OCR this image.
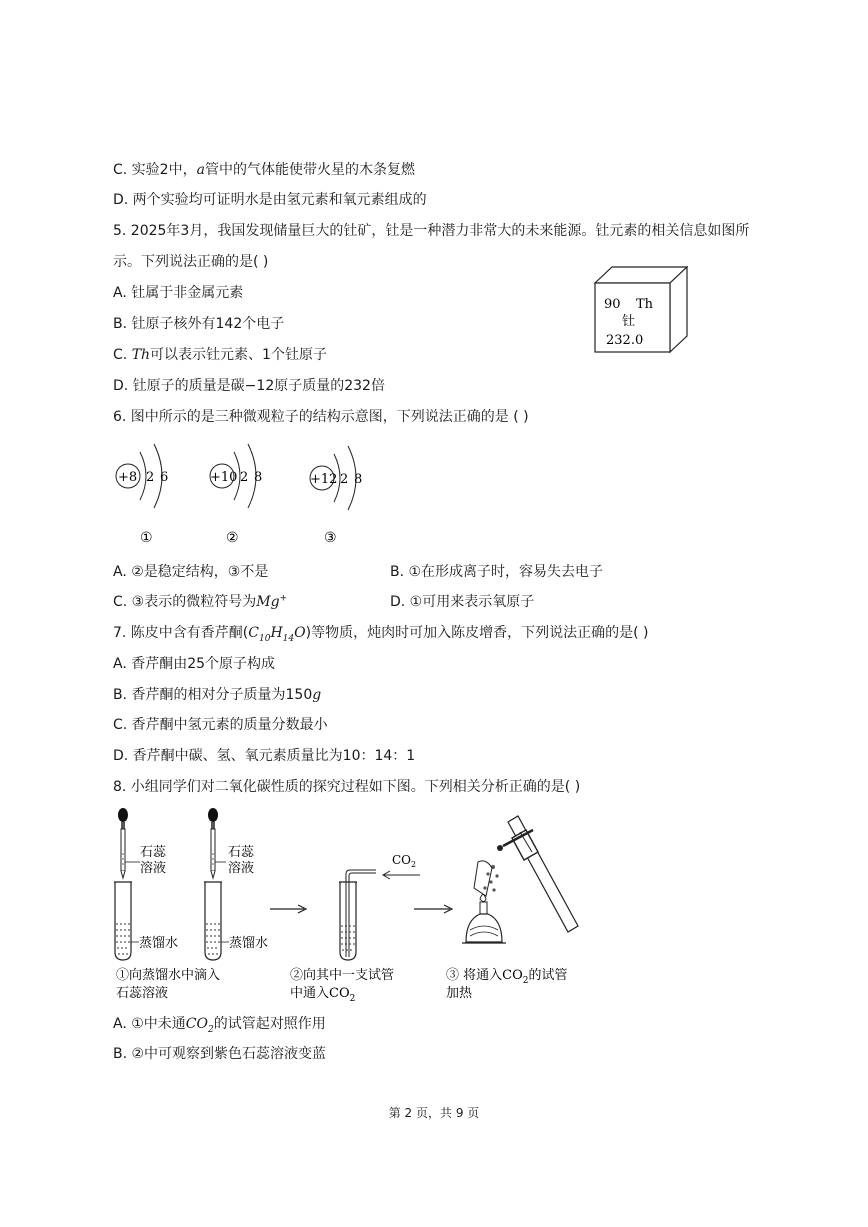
C. 实验2中，a管中的气体能使带火星的木条复燃
D. 两个实验均可证明水是由氢元素和氧元素组成的
5. 2025年3月，我国发现储量巨大的钍矿，钍是一种潜力非常大的未来能源。钍元素的相关信息如图所
示。下列说法正确的是( )
A. 钍属于非金属元素
B. 钍原子核外有142个电子
C. Th可以表示钍元素、1个钍原子
D. 钍原子的质量是碳−12原子质量的232倍
90 Th
钍
232.0
6. 图中所示的是三种微观粒子的结构示意图，下列说法正确的是 ( )
+8 2 6
①
+10 2 8
②
+12 2 8
③
A. ②是稳定结构，③不是	B. ①在形成离子时，容易失去电子
C. ③表示的微粒符号为Mg+	D. ①可用来表示氧原子
7. 陈皮中含有香芹酮$(C_{10}H_{14}O)$等物质，炖肉时可加入陈皮增香，下列说法正确的是( )
A. 香芹酮由25个原子构成
B. 香芹酮的相对分子质量为150g
C. 香芹酮中氢元素的质量分数最小
D. 香芹酮中碳、氢、氧元素质量比为10：14：1
8. 小组同学们对二氧化碳性质的探究过程如下图。下列相关分析正确的是( )
石蕊
溶液
蒸馏水
石蕊
溶液
蒸馏水
$CO_2$
①向蒸馏水中滴入
石蕊溶液
②向其中一支试管
中通入$CO_2$
③ 将通入$CO_2$的试管
加热
A. ①中未通$CO_2$的试管起对照作用
B. ②中可观察到紫色石蕊溶液变蓝
第 2 页，共 9 页
